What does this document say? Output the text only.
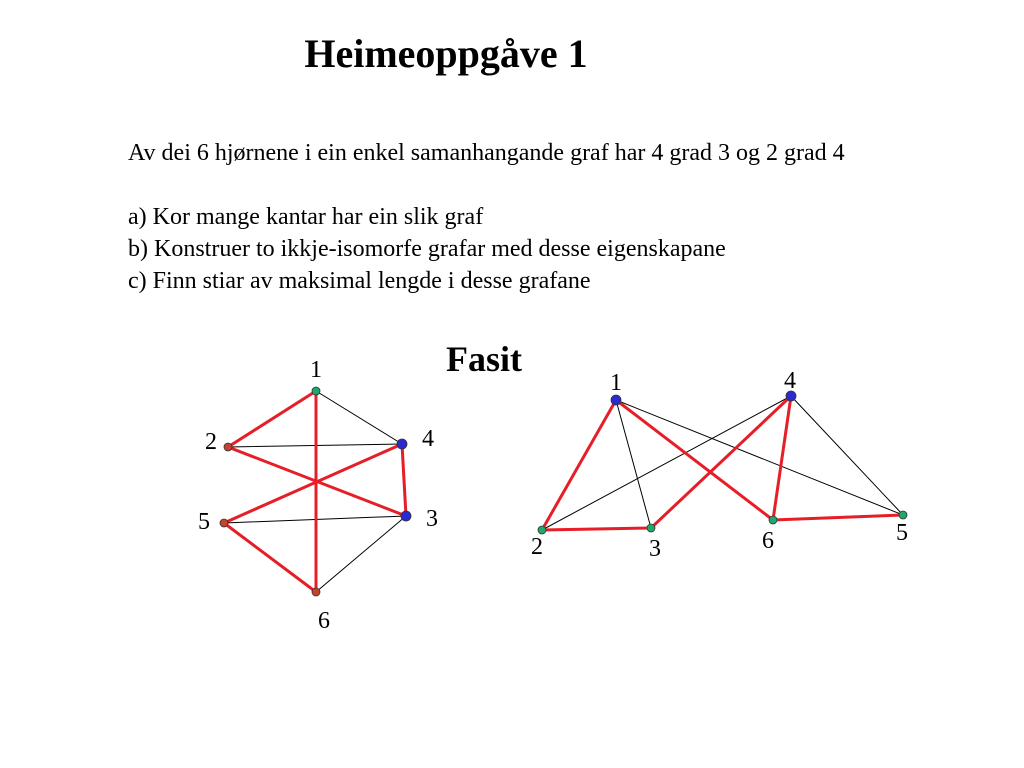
Heimeoppgåve 1
Av dei 6 hjørnene i ein enkel samanhangande graf har 4 grad 3 og 2 grad 4
a) Kor mange kantar har ein slik graf
b) Konstruer to ikkje-isomorfe grafar med desse eigenskapane
c) Finn stiar av maksimal lengde i desse grafane
Fasit
1
2
3
4
5
6
1
2	3
4
5
6
